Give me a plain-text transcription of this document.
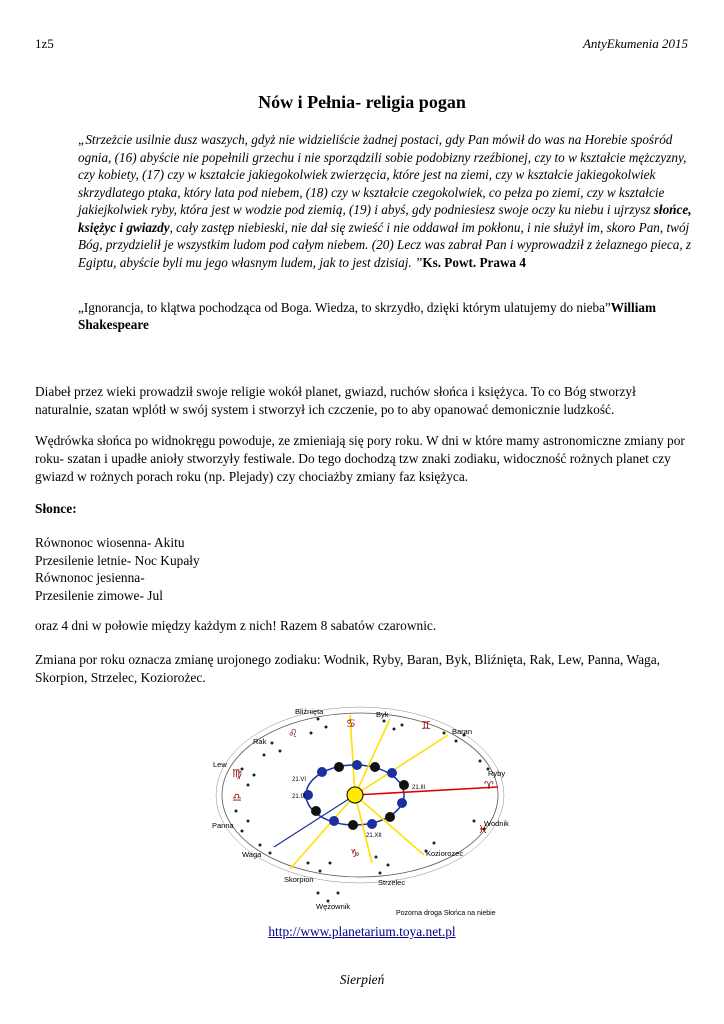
1z5	AntyEkumenia 2015
Nów i Pełnia- religia pogan
„Strzeżcie usilnie dusz waszych, gdyż nie widzieliście żadnej postaci, gdy Pan mówił do was na Horebie spośród ognia, (16) abyście nie popełnili grzechu i nie sporządzili sobie podobizny rzeźbionej, czy to w kształcie mężczyzny, czy kobiety, (17) czy w kształcie jakiegokolwiek zwierzęcia, które jest na ziemi, czy w kształcie jakiegokolwiek skrzydlatego ptaka, który lata pod niebem, (18) czy w kształcie czegokolwiek, co pełza po ziemi, czy w kształcie jakiejkolwiek ryby, która jest w wodzie pod ziemią, (19) i abyś, gdy podniesiesz swoje oczy ku niebu i ujrzysz słońce, księżyc i gwiazdy, cały zastęp niebieski, nie dał się zwieść i nie oddawał im pokłonu, i nie służył im, skoro Pan, twój Bóg, przydzielił je wszystkim ludom pod całym niebem. (20) Lecz was zabrał Pan i wyprowadził z żelaznego pieca, z Egiptu, abyście byli mu jego własnym ludem, jak to jest dzisiaj. ”Ks. Powt. Prawa 4
„Ignorancja, to klątwa pochodząca od Boga. Wiedza, to skrzydło, dzięki którym ulatujemy do nieba”William Shakespeare
Diabeł przez wieki prowadził swoje religie wokół planet, gwiazd, ruchów słońca i księżyca. To co Bóg stworzył naturalnie, szatan wplótł w swój system i stworzył ich czczenie, po to aby opanować demonicznie ludzkość.
Wędrówka słońca po widnokręgu powoduje, ze zmieniają się pory roku. W dni w które mamy astronomiczne zmiany por roku- szatan i upadłe anioły stworzyły festiwale. Do tego dochodzą tzw znaki zodiaku, widoczność rożnych planet czy gwiazd w rożnych porach roku (np. Plejady) czy chociażby zmiany faz księżyca.
Słonce:
Równonoc wiosenna- Akitu
Przesilenie letnie- Noc Kupały
Równonoc jesienna-
Przesilenie zimowe- Jul
oraz 4 dni w połowie między każdym z nich! Razem 8 sabatów czarownic.
Zmiana por roku oznacza zmianę urojonego zodiaku: Wodnik, Ryby, Baran, Byk, Bliźnięta, Rak, Lew, Panna, Waga, Skorpion, Strzelec, Koziorożec.
♌
♋	♊
♈
♍
♎
♓
♑
21.VI
21.IX
21.III
21.XII
Bliźnięta	Byk
Baran
Rak
Ryby
Lew
Wodnik
Panna
Koziorozec
Waga
Skorpion	Strzelec
Wężownik
Pozorna droga Słońca na niebie
http://www.planetarium.toya.net.pl
Sierpień
